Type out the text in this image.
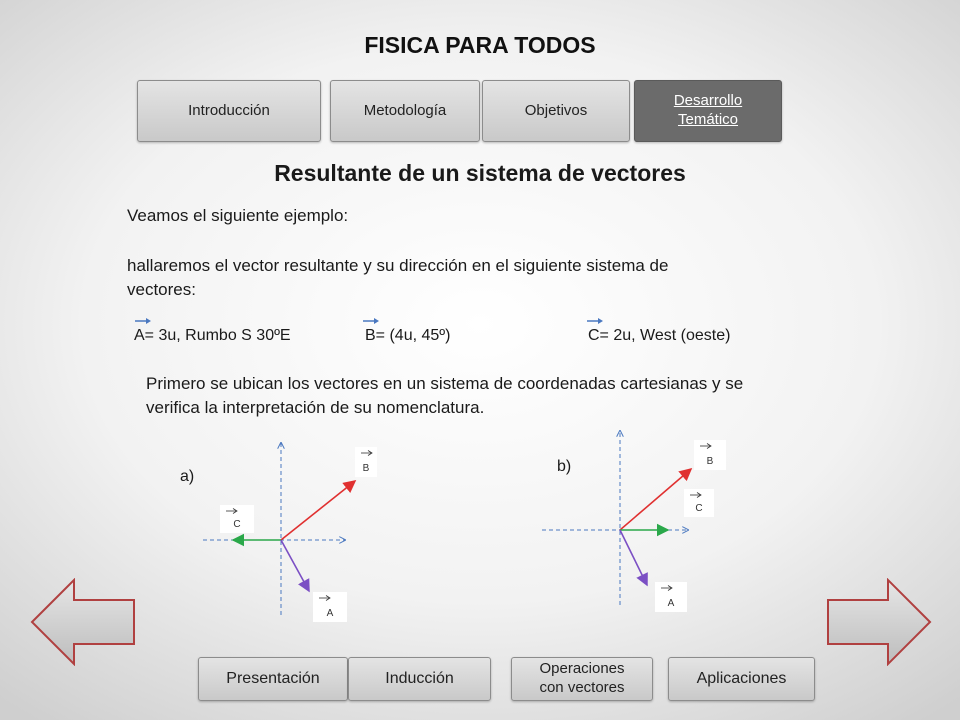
FISICA PARA TODOS
Introducción	Metodología	Objetivos
Desarrollo Temático
Resultante de un sistema de vectores
Veamos el siguiente ejemplo:
hallaremos el vector resultante y su dirección en el siguiente sistema de vectores:
A= 3u, Rumbo S 30ºE	B= (4u, 45º)	C= 2u, West (oeste)
Primero se ubican los vectores en un sistema de coordenadas cartesianas y se verifica la interpretación de su nomenclatura.
a)	B
C
A
b)	B
C
A
Presentación	Inducción
Operaciones con vectores
Aplicaciones
